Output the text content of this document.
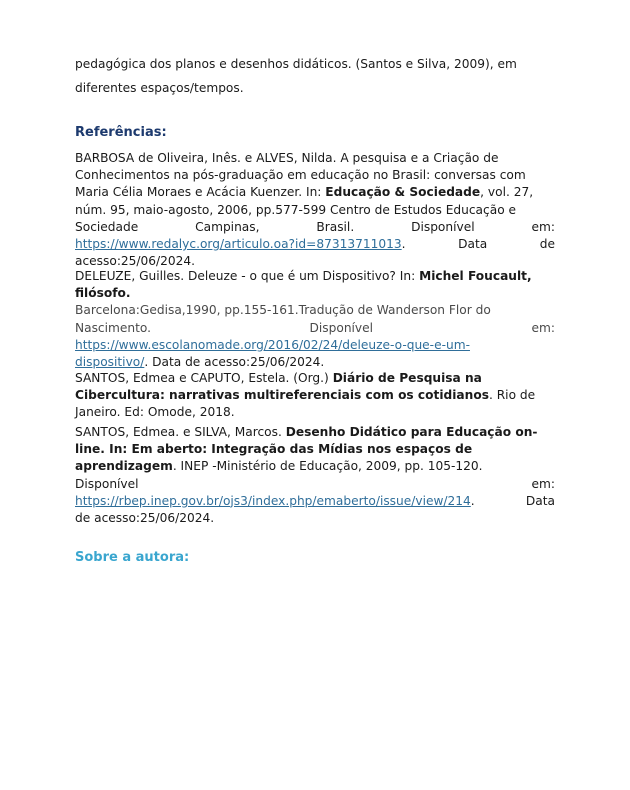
pedagógica dos planos e desenhos didáticos. (Santos e Silva, 2009), em
diferentes espaços/tempos.
Referências:
BARBOSA de Oliveira, Inês. e ALVES, Nilda. A pesquisa e a Criação de
Conhecimentos na pós-graduação em educação no Brasil: conversas com
Maria Célia Moraes e Acácia Kuenzer. In: Educação & Sociedade, vol. 27,
núm. 95, maio-agosto, 2006, pp.577-599 Centro de Estudos Educação e
Sociedade	Campinas,	Brasil.	Disponível	em:
https://www.redalyc.org/articulo.oa?id=87313711013.	Data	de
acesso:25/06/2024.
DELEUZE, Guilles. Deleuze - o que é um Dispositivo? In: Michel Foucault,
filósofo.
Barcelona:Gedisa,1990, pp.155-161.Tradução de Wanderson Flor do
Nascimento.	Disponível	em:
https://www.escolanomade.org/2016/02/24/deleuze-o-que-e-um-
dispositivo/. Data de acesso:25/06/2024.
SANTOS, Edmea e CAPUTO, Estela. (Org.) Diário de Pesquisa na
Cibercultura: narrativas multireferenciais com os cotidianos. Rio de
Janeiro. Ed: Omode, 2018.
SANTOS, Edmea. e SILVA, Marcos. Desenho Didático para Educação on-
line. In: Em aberto: Integração das Mídias nos espaços de
aprendizagem. INEP -Ministério de Educação, 2009, pp. 105-120.
Disponível	em:
https://rbep.inep.gov.br/ojs3/index.php/emaberto/issue/view/214.	Data
de acesso:25/06/2024.
Sobre a autora:
